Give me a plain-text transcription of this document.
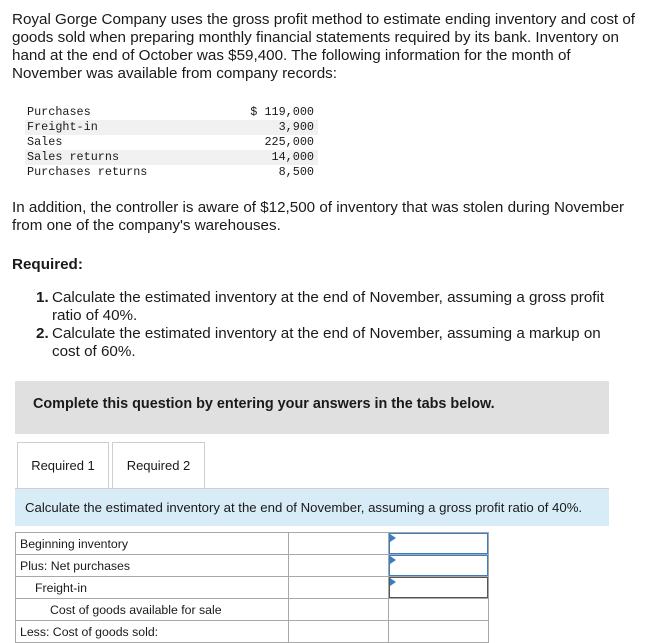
Royal Gorge Company uses the gross profit method to estimate ending inventory and cost of goods sold when preparing monthly financial statements required by its bank. Inventory on hand at the end of October was $59,400. The following information for the month of November was available from company records:

Purchases	$ 119,000
Freight-in	3,900
Sales	225,000
Sales returns	14,000
Purchases returns	8,500

In addition, the controller is aware of $12,500 of inventory that was stolen during November from one of the company's warehouses.

Required:

1. Calculate the estimated inventory at the end of November, assuming a gross profit ratio of 40%.
2. Calculate the estimated inventory at the end of November, assuming a markup on cost of 60%.
Complete this question by entering your answers in the tabs below.
Required 1	Required 2
Calculate the estimated inventory at the end of November, assuming a gross profit ratio of 40%.
Beginning inventory		

Plus: Net purchases		

Freight-in		

Cost of goods available for sale		
Less: Cost of goods sold:		
